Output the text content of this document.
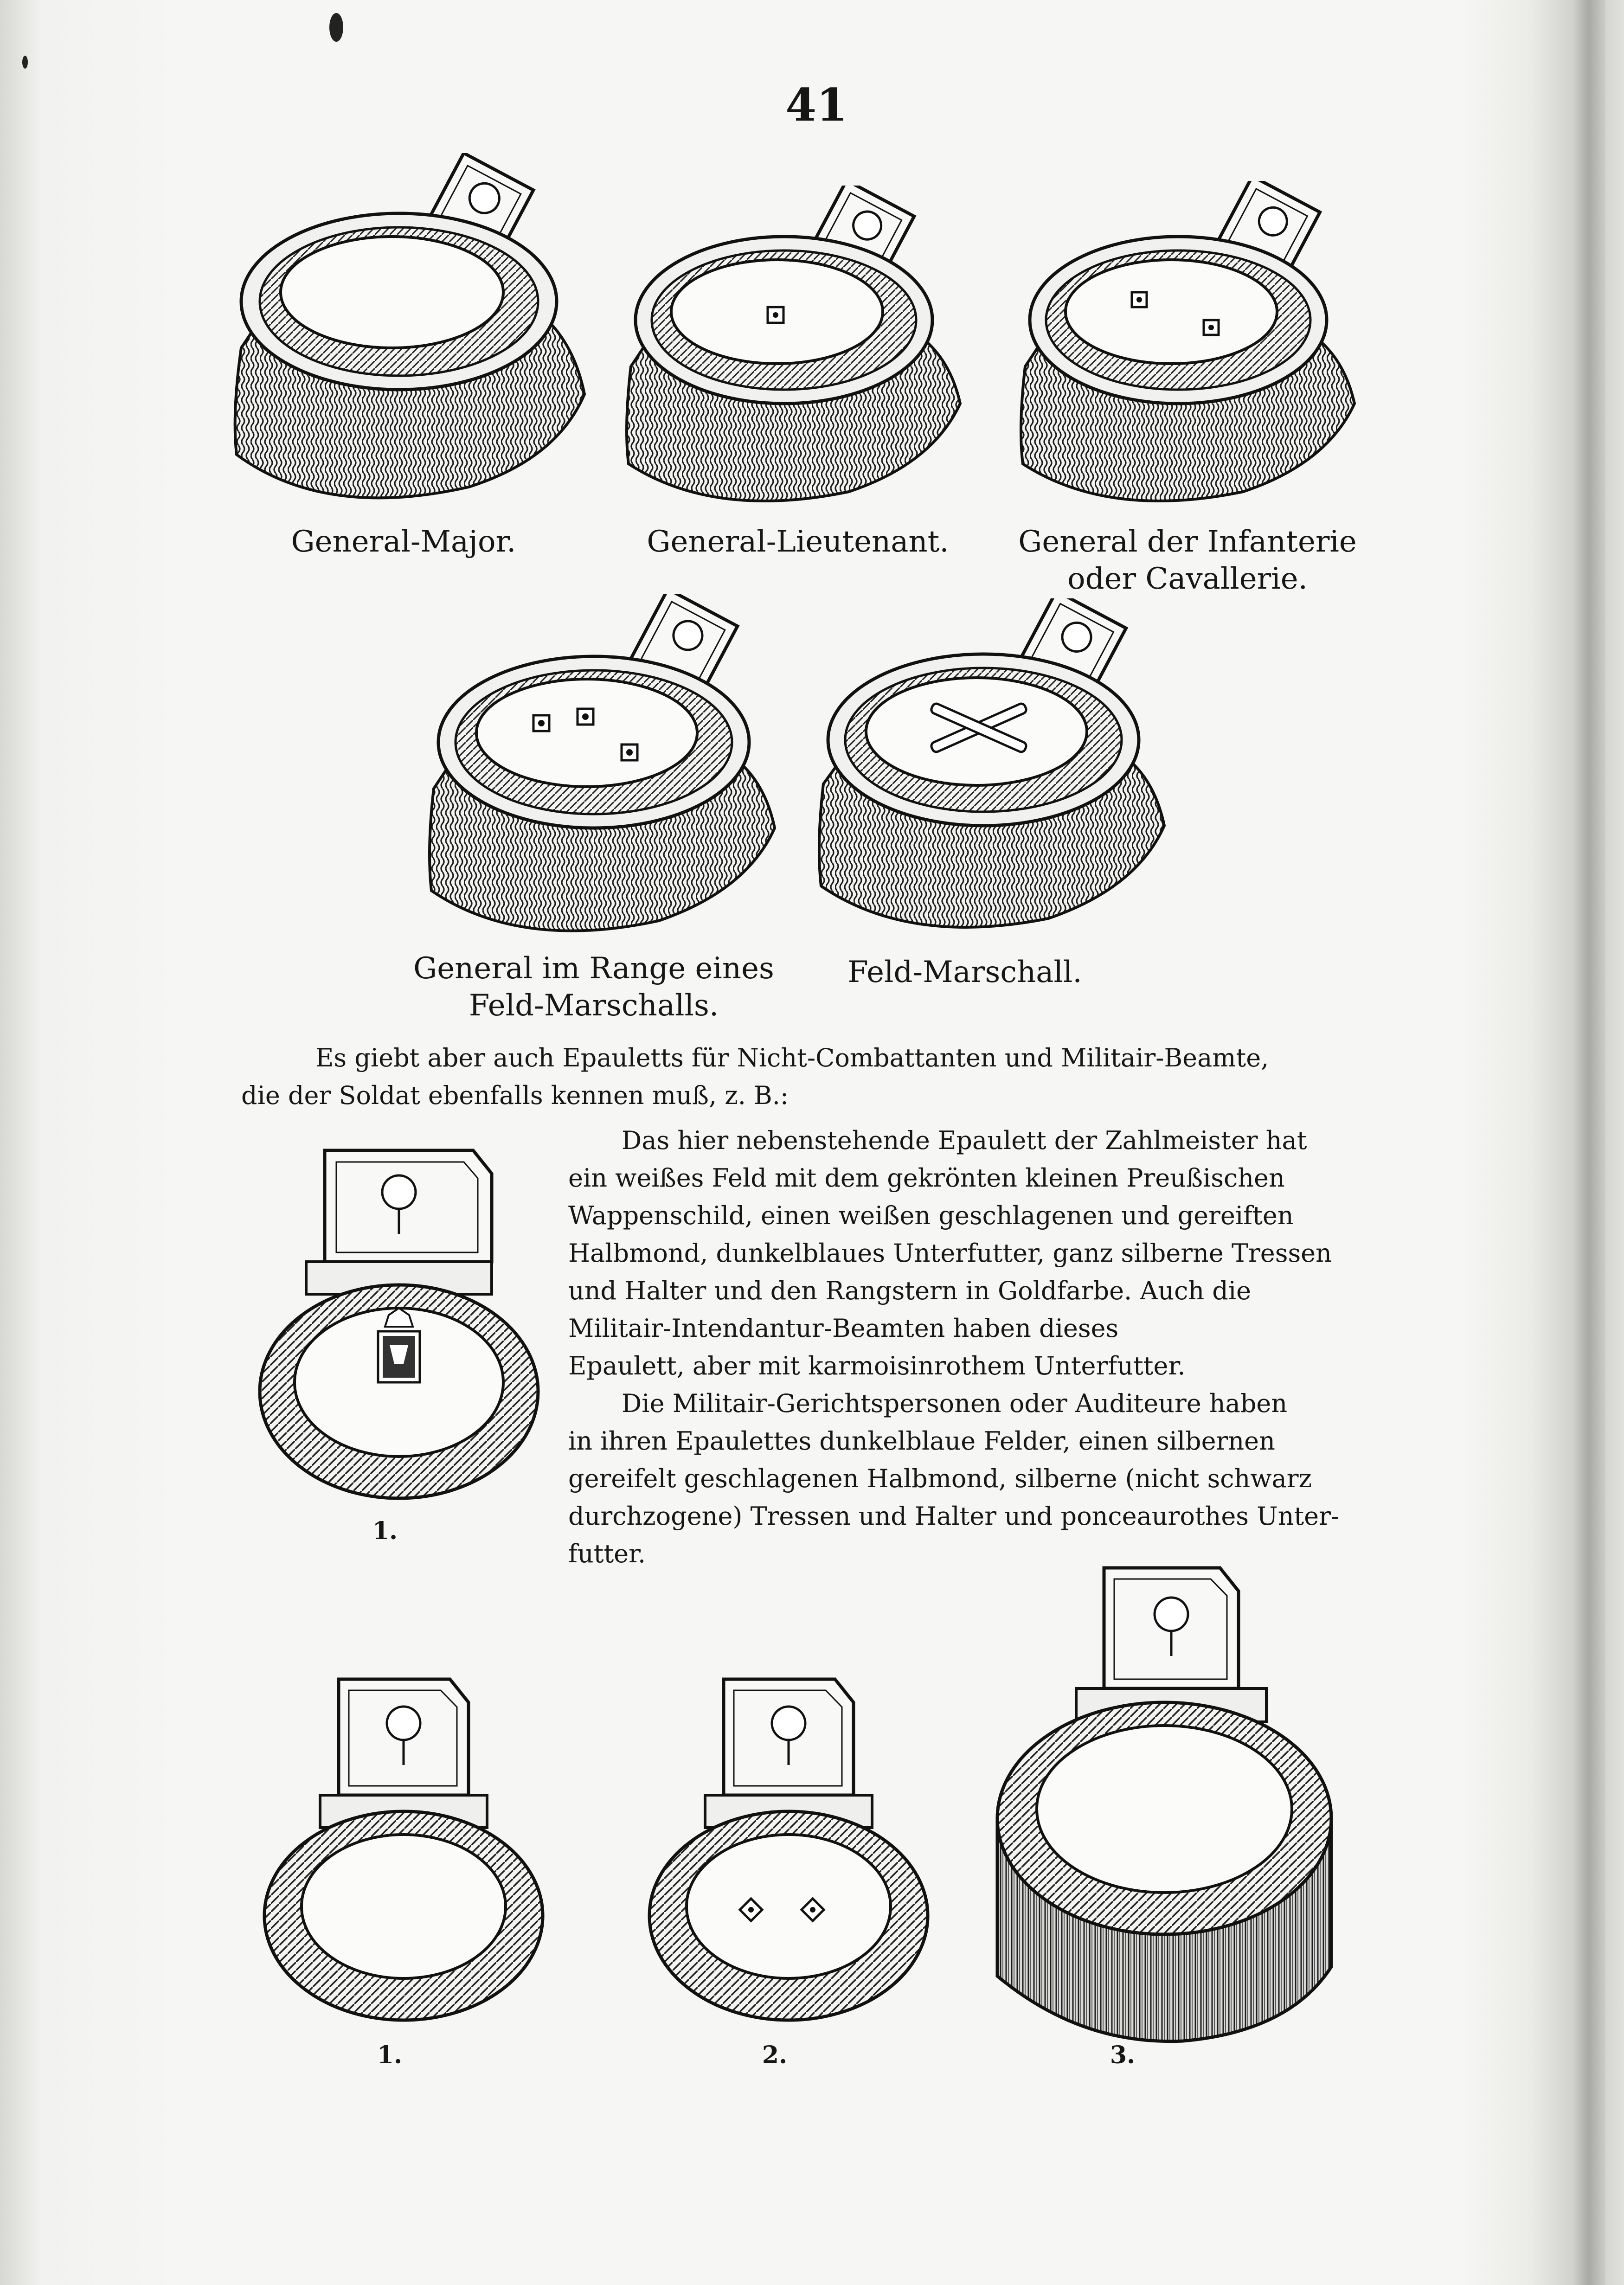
41
General-Major.	General-Lieutenant. General der Infanterie
oder Cavallerie.
General im Range eines
Feld-Marschalls.
Feld-Marschall.

Es giebt aber auch Epauletts für Nicht-Combattanten und Militair-Beamte,

die der Soldat ebenfalls kennen muß, z. B.:

1.

Das hier nebenstehende Epaulett der Zahlmeister hat

ein weißes Feld mit dem gekrönten kleinen Preußischen

Wappenschild, einen weißen geschlagenen und gereiften

Halbmond, dunkelblaues Unterfutter, ganz silberne Tressen

und Halter und den Rangstern in Goldfarbe. Auch die

Militair-Intendantur-Beamten haben dieses

Epaulett, aber mit karmoisinrothem Unterfutter.

Die Militair-Gerichtspersonen oder Auditeure haben

in ihren Epaulettes dunkelblaue Felder, einen silbernen

gereifelt geschlagenen Halbmond, silberne (nicht schwarz

durchzogene) Tressen und Halter und ponceaurothes Unter-

futter.

1.	2.	3.
